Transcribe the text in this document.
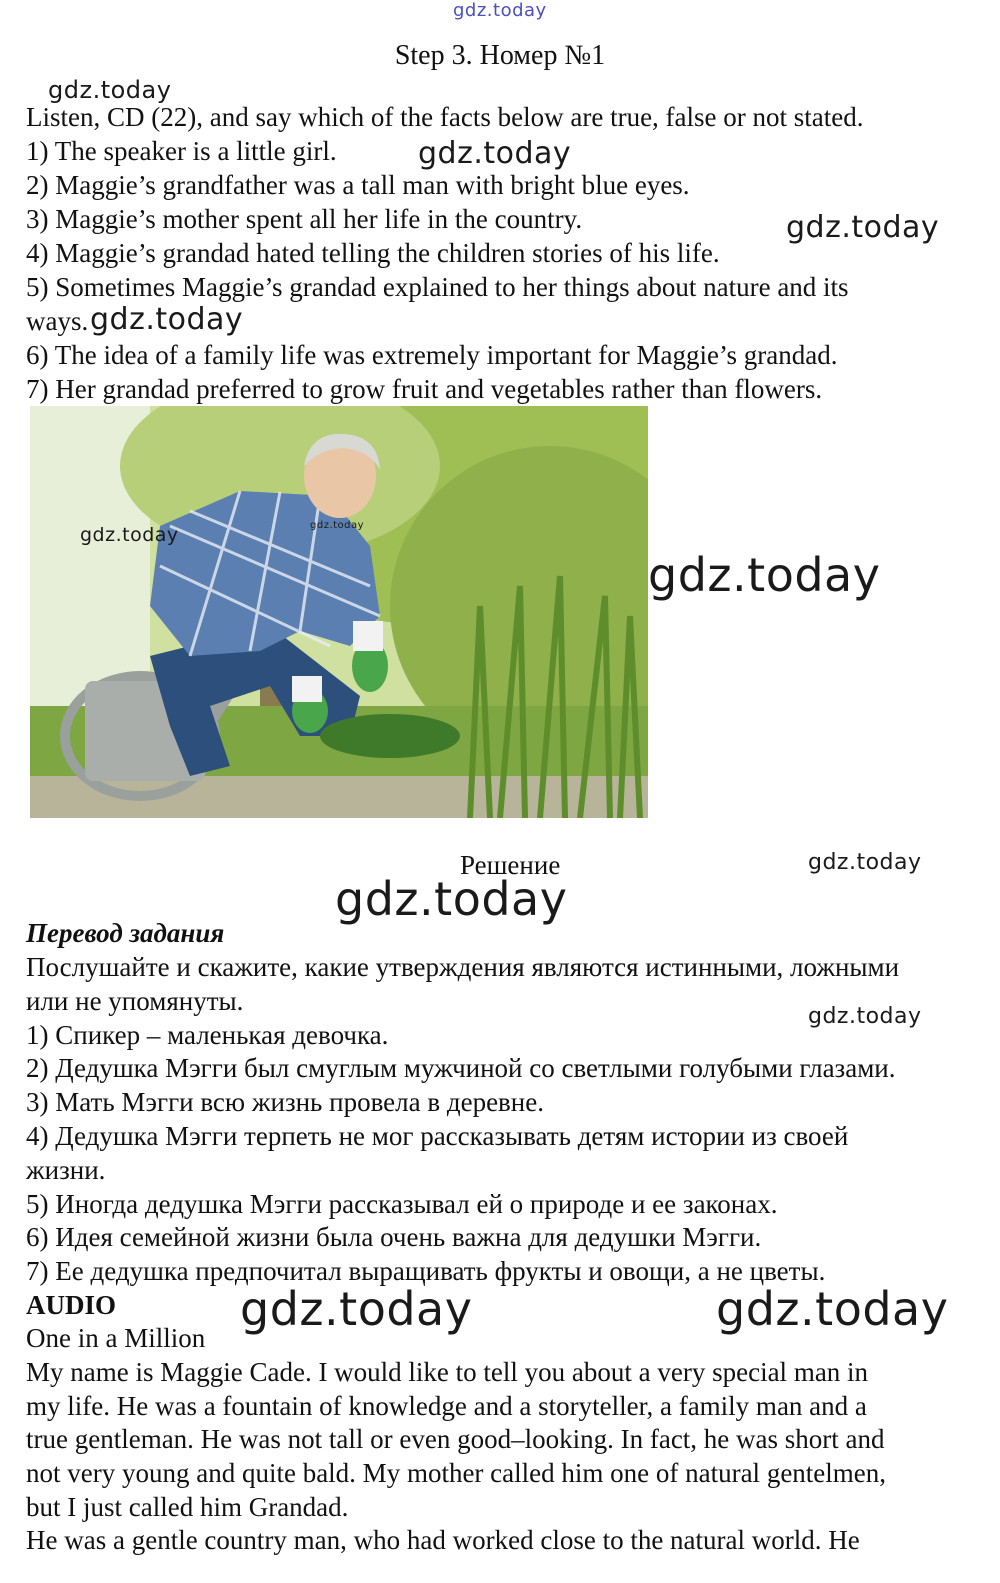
gdz.today
gdz.today
gdz.today
gdz.today
gdz.today
gdz.today
gdz.today
gdz.today
gdz.today	gdz.today
Step 3. Номер №1
Listen, CD (22), and say which of the facts below are true, false or not stated.
1) The speaker is a little girl.
2) Maggie’s grandfather was a tall man with bright blue eyes.
3) Maggie’s mother spent all her life in the country.
4) Maggie’s grandad hated telling the children stories of his life.
5) Sometimes Maggie’s grandad explained to her things about nature and its
ways.
6) The idea of a family life was extremely important for Maggie’s grandad.
7) Her grandad preferred to grow fruit and vegetables rather than flowers.
gdz.today	gdz.today
gdz.today
Решение
Перевод задания
Послушайте и скажите, какие утверждения являются истинными, ложными
или не упомянуты.
1) Спикер – маленькая девочка.
2) Дедушка Мэгги был смуглым мужчиной со светлыми голубыми глазами.
3) Мать Мэгги всю жизнь провела в деревне.
4) Дедушка Мэгги терпеть не мог рассказывать детям истории из своей
жизни.
5) Иногда дедушка Мэгги рассказывал ей о природе и ее законах.
6) Идея семейной жизни была очень важна для дедушки Мэгги.
7) Ее дедушка предпочитал выращивать фрукты и овощи, а не цветы.
AUDIO
One in a Million
My name is Maggie Cade. I would like to tell you about a very special man in
my life. He was a fountain of knowledge and a storyteller, a family man and a
true gentleman. He was not tall or even good–looking. In fact, he was short and
not very young and quite bald. My mother called him one of natural gentelmen,
but I just called him Grandad.
He was a gentle country man, who had worked close to the natural world. He
